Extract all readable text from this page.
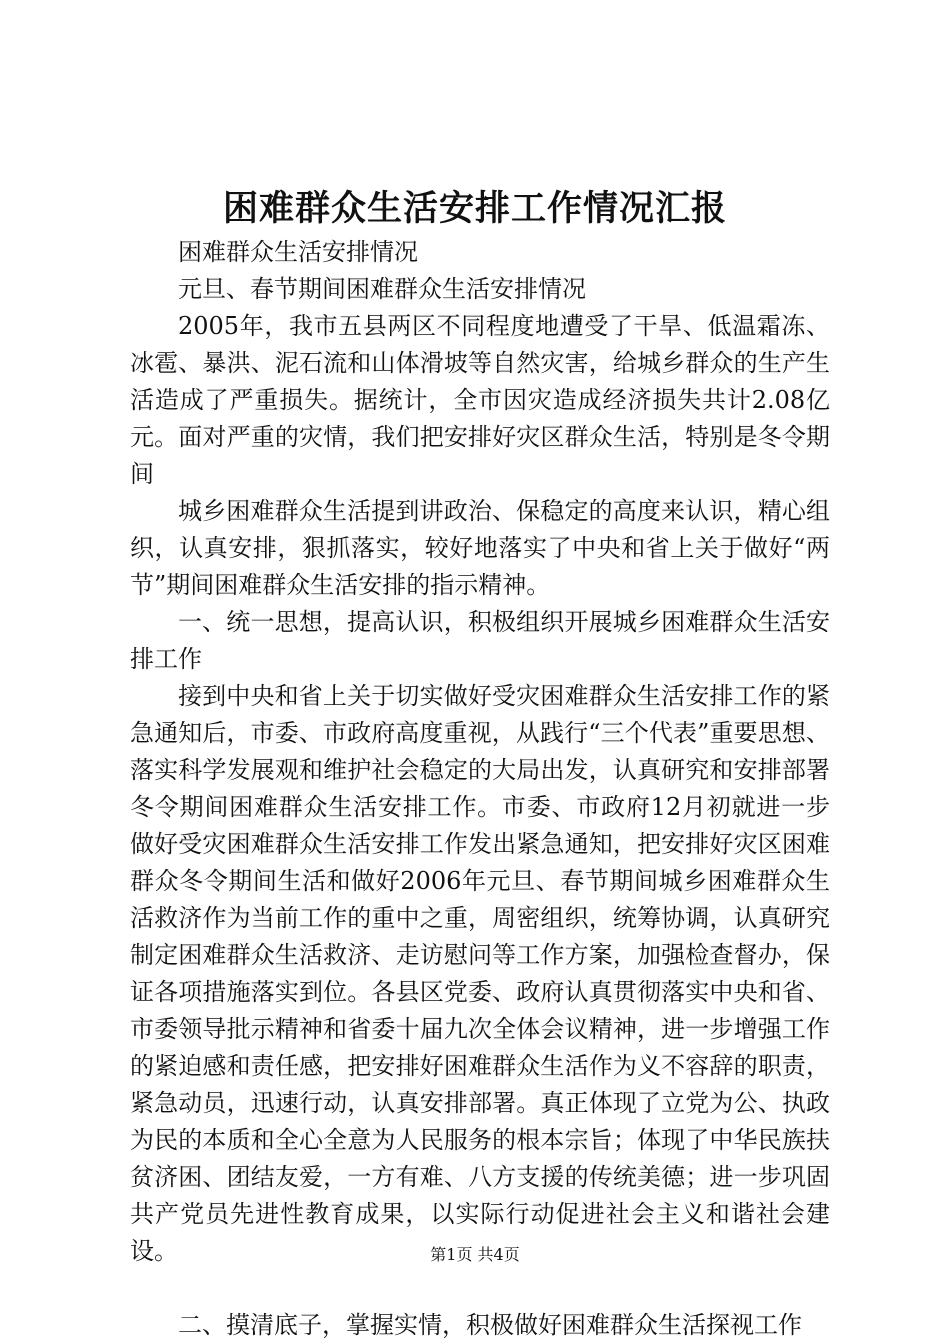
困难群众生活安排工作情况汇报

困难群众生活安排情况

元旦、春节期间困难群众生活安排情况

2005年，我市五县两区不同程度地遭受了干旱、低温霜冻、冰雹、暴洪、泥石流和山体滑坡等自然灾害，给城乡群众的生产生活造成了严重损失。据统计，全市因灾造成经济损失共计2.08亿元。面对严重的灾情，我们把安排好灾区群众生活，特别是冬令期间

城乡困难群众生活提到讲政治、保稳定的高度来认识，精心组织，认真安排，狠抓落实，较好地落实了中央和省上关于做好“两节”期间困难群众生活安排的指示精神。

一、统一思想，提高认识，积极组织开展城乡困难群众生活安排工作

接到中央和省上关于切实做好受灾困难群众生活安排工作的紧急通知后，市委、市政府高度重视，从践行“三个代表”重要思想、落实科学发展观和维护社会稳定的大局出发，认真研究和安排部署冬令期间困难群众生活安排工作。市委、市政府12月初就进一步做好受灾困难群众生活安排工作发出紧急通知，把安排好灾区困难群众冬令期间生活和做好2006年元旦、春节期间城乡困难群众生活救济作为当前工作的重中之重，周密组织，统筹协调，认真研究制定困难群众生活救济、走访慰问等工作方案，加强检查督办，保证各项措施落实到位。各县区党委、政府认真贯彻落实中央和省、市委领导批示精神和省委十届九次全体会议精神，进一步增强工作的紧迫感和责任感，把安排好困难群众生活作为义不容辞的职责，紧急动员，迅速行动，认真安排部署。真正体现了立党为公、执政为民的本质和全心全意为人民服务的根本宗旨；体现了中华民族扶贫济困、团结友爱，一方有难、八方支援的传统美德；进一步巩固共产党员先进性教育成果，以实际行动促进社会主义和谐社会建设。

二、摸清底子，掌握实情，积极做好困难群众生活探视工作

第1页 共4页
